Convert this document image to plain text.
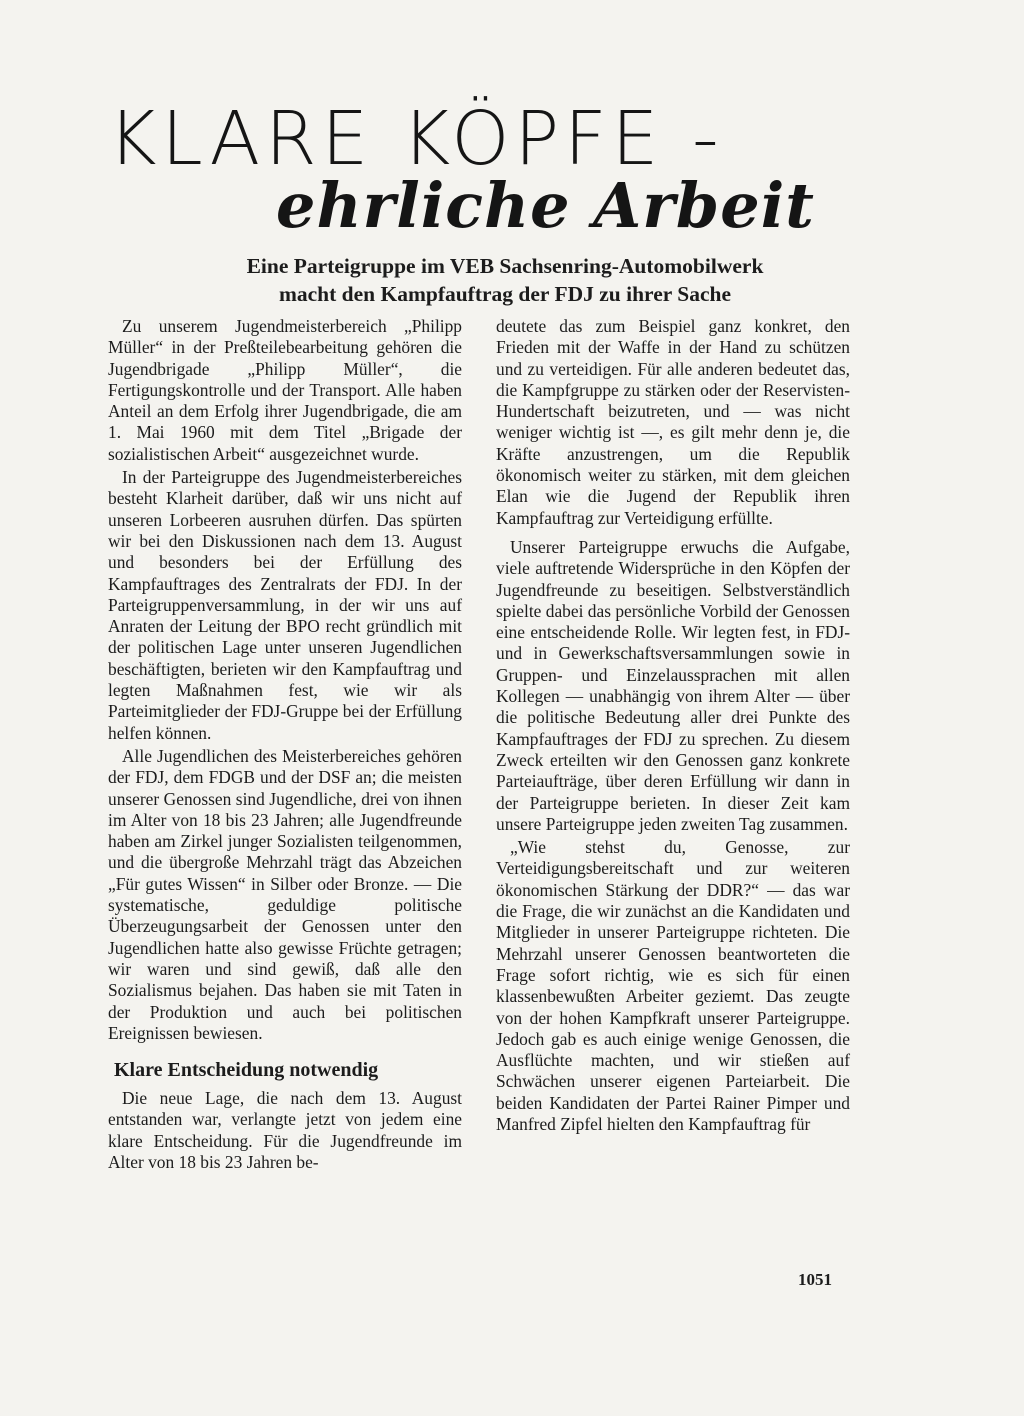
KLARE KÖPFE -
ehrliche Arbeit
Eine Parteigruppe im VEB Sachsenring-Automobilwerk
macht den Kampfauftrag der FDJ zu ihrer Sache

Zu unserem Jugendmeisterbereich „Philipp Müller“ in der Preßteilebearbeitung gehören die Jugendbrigade „Philipp Müller“, die Fertigungskontrolle und der Transport. Alle haben Anteil an dem Erfolg ihrer Jugendbrigade, die am 1. Mai 1960 mit dem Titel „Brigade der sozialistischen Arbeit“ ausgezeichnet wurde.

In der Parteigruppe des Jugendmeisterbereiches besteht Klarheit darüber, daß wir uns nicht auf unseren Lorbeeren ausruhen dürfen. Das spürten wir bei den Diskussionen nach dem 13. August und besonders bei der Erfüllung des Kampfauftrages des Zentralrats der FDJ. In der Parteigruppenversammlung, in der wir uns auf Anraten der Leitung der BPO recht gründlich mit der politischen Lage unter unseren Jugendlichen beschäftigten, berieten wir den Kampfauftrag und legten Maßnahmen fest, wie wir als Parteimitglieder der FDJ-Gruppe bei der Erfüllung helfen können.

Alle Jugendlichen des Meisterbereiches gehören der FDJ, dem FDGB und der DSF an; die meisten unserer Genossen sind Jugendliche, drei von ihnen im Alter von 18 bis 23 Jahren; alle Jugendfreunde haben am Zirkel junger Sozialisten teilgenommen, und die übergroße Mehrzahl trägt das Abzeichen „Für gutes Wissen“ in Silber oder Bronze. — Die systematische, geduldige politische Überzeugungsarbeit der Genossen unter den Jugendlichen hatte also gewisse Früchte getragen; wir waren und sind gewiß, daß alle den Sozialismus bejahen. Das haben sie mit Taten in der Produktion und auch bei politischen Ereignissen bewiesen.

Klare Entscheidung notwendig

Die neue Lage, die nach dem 13. August entstanden war, verlangte jetzt von jedem eine klare Entscheidung. Für die Jugendfreunde im Alter von 18 bis 23 Jahren be-

deutete das zum Beispiel ganz konkret, den Frieden mit der Waffe in der Hand zu schützen und zu verteidigen. Für alle anderen bedeutet das, die Kampfgruppe zu stärken oder der Reservisten-Hundertschaft beizutreten, und — was nicht weniger wichtig ist —, es gilt mehr denn je, die Kräfte anzustrengen, um die Republik ökonomisch weiter zu stärken, mit dem gleichen Elan wie die Jugend der Republik ihren Kampfauftrag zur Verteidigung erfüllte.

Unserer Parteigruppe erwuchs die Aufgabe, viele auftretende Widersprüche in den Köpfen der Jugendfreunde zu beseitigen. Selbstverständlich spielte dabei das persönliche Vorbild der Genossen eine entscheidende Rolle. Wir legten fest, in FDJ- und in Gewerkschaftsversammlungen sowie in Gruppen- und Einzelaussprachen mit allen Kollegen — unabhängig von ihrem Alter — über die politische Bedeutung aller drei Punkte des Kampfauftrages der FDJ zu sprechen. Zu diesem Zweck erteilten wir den Genossen ganz konkrete Parteiaufträge, über deren Erfüllung wir dann in der Parteigruppe berieten. In dieser Zeit kam unsere Parteigruppe jeden zweiten Tag zusammen.

„Wie stehst du, Genosse, zur Verteidigungsbereitschaft und zur weiteren ökonomischen Stärkung der DDR?“ — das war die Frage, die wir zunächst an die Kandidaten und Mitglieder in unserer Parteigruppe richteten. Die Mehrzahl unserer Genossen beantworteten die Frage sofort richtig, wie es sich für einen klassenbewußten Arbeiter geziemt. Das zeugte von der hohen Kampfkraft unserer Parteigruppe. Jedoch gab es auch einige wenige Genossen, die Ausflüchte machten, und wir stießen auf Schwächen unserer eigenen Parteiarbeit. Die beiden Kandidaten der Partei Rainer Pimper und Manfred Zipfel hielten den Kampfauftrag für

1051
